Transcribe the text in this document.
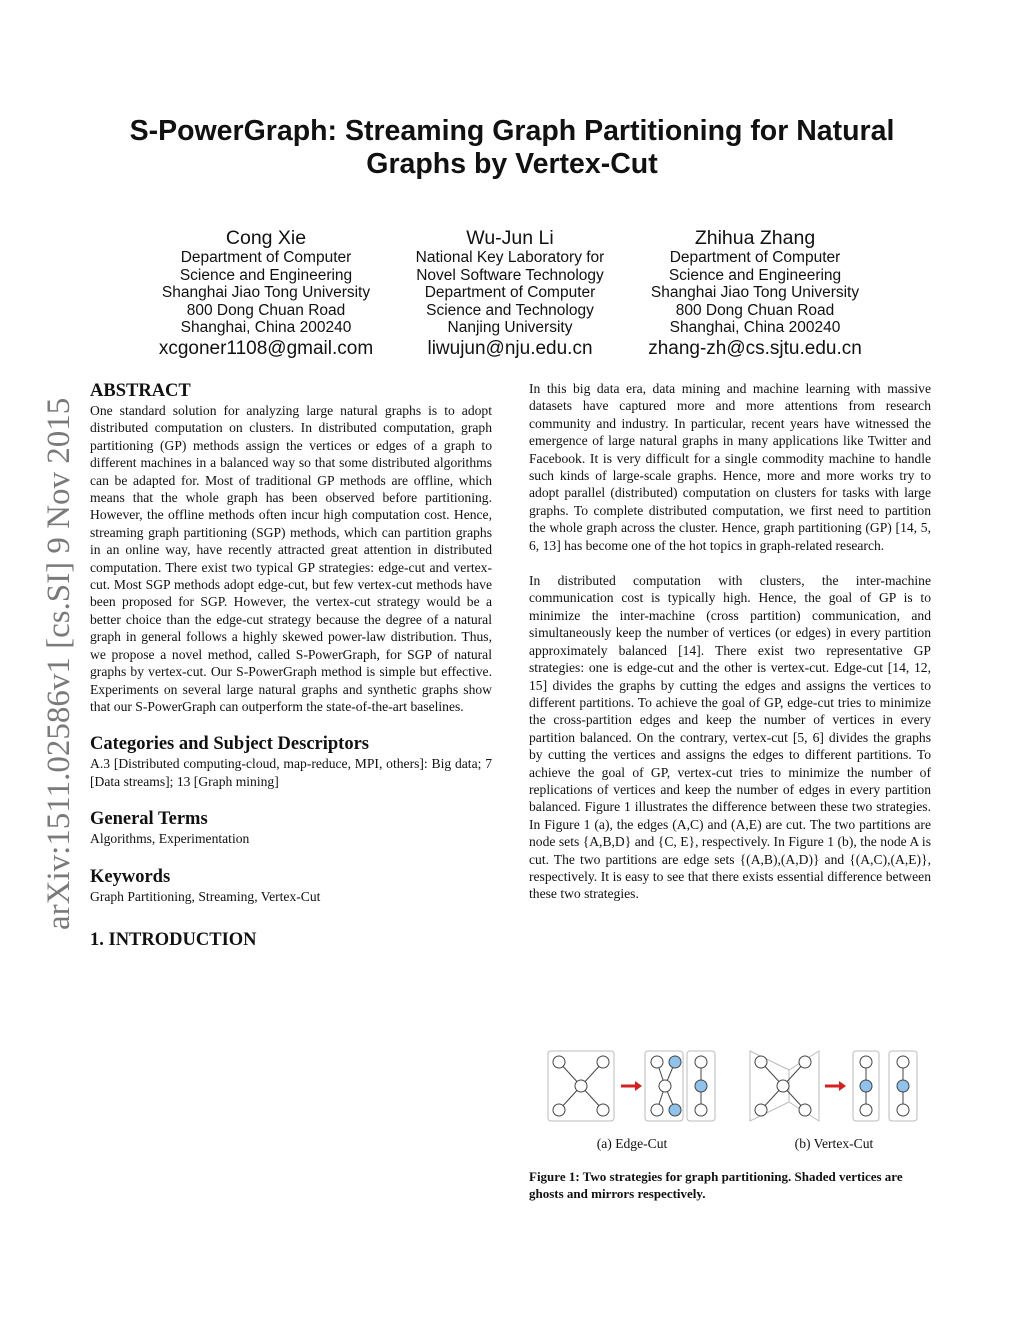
arXiv:1511.02586v1 [cs.SI] 9 Nov 2015
S-PowerGraph: Streaming Graph Partitioning for Natural Graphs by Vertex-Cut
Cong Xie
Department of Computer
Science and Engineering
Shanghai Jiao Tong University
800 Dong Chuan Road
Shanghai, China 200240
xcgoner1108@gmail.com
Wu-Jun Li
National Key Laboratory for
Novel Software Technology
Department of Computer
Science and Technology
Nanjing University
liwujun@nju.edu.cn
Zhihua Zhang
Department of Computer
Science and Engineering
Shanghai Jiao Tong University
800 Dong Chuan Road
Shanghai, China 200240
zhang-zh@cs.sjtu.edu.cn
ABSTRACT

One standard solution for analyzing large natural graphs is to adopt distributed computation on clusters. In distributed computation, graph partitioning (GP) methods assign the vertices or edges of a graph to different machines in a balanced way so that some distributed algorithms can be adapted for. Most of traditional GP methods are offline, which means that the whole graph has been observed before partitioning. However, the offline methods often incur high computation cost. Hence, streaming graph partitioning (SGP) methods, which can partition graphs in an online way, have recently attracted great attention in distributed computation. There exist two typical GP strategies: edge-cut and vertex-cut. Most SGP methods adopt edge-cut, but few vertex-cut methods have been proposed for SGP. However, the vertex-cut strategy would be a better choice than the edge-cut strategy because the degree of a natural graph in general follows a highly skewed power-law distribution. Thus, we propose a novel method, called S-PowerGraph, for SGP of natural graphs by vertex-cut. Our S-PowerGraph method is simple but effective. Experiments on several large natural graphs and synthetic graphs show that our S-PowerGraph can outperform the state-of-the-art baselines.

Categories and Subject Descriptors

A.3 [Distributed computing-cloud, map-reduce, MPI, others]: Big data; 7 [Data streams]; 13 [Graph mining]

General Terms

Algorithms, Experimentation

Keywords

Graph Partitioning, Streaming, Vertex-Cut

1. INTRODUCTION

In this big data era, data mining and machine learning with massive datasets have captured more and more attentions from research community and industry. In particular, recent years have witnessed the emergence of large natural graphs in many applications like Twitter and Facebook. It is very difficult for a single commodity machine to handle such kinds of large-scale graphs. Hence, more and more works try to adopt parallel (distributed) computation on clusters for tasks with large graphs. To complete distributed computation, we first need to partition the whole graph across the cluster. Hence, graph partitioning (GP) [14, 5, 6, 13] has become one of the hot topics in graph-related research.

In distributed computation with clusters, the inter-machine communication cost is typically high. Hence, the goal of GP is to minimize the inter-machine (cross partition) communication, and simultaneously keep the number of vertices (or edges) in every partition approximately balanced [14]. There exist two representative GP strategies: one is edge-cut and the other is vertex-cut. Edge-cut [14, 12, 15] divides the graphs by cutting the edges and assigns the vertices to different partitions. To achieve the goal of GP, edge-cut tries to minimize the cross-partition edges and keep the number of vertices in every partition balanced. On the contrary, vertex-cut [5, 6] divides the graphs by cutting the vertices and assigns the edges to different partitions. To achieve the goal of GP, vertex-cut tries to minimize the number of replications of vertices and keep the number of edges in every partition balanced. Figure 1 illustrates the difference between these two strategies. In Figure 1 (a), the edges (A,C) and (A,E) are cut. The two partitions are node sets {A,B,D} and {C, E}, respectively. In Figure 1 (b), the node A is cut. The two partitions are edge sets {(A,B),(A,D)} and {(A,C),(A,E)}, respectively. It is easy to see that there exists essential difference between these two strategies.

(a) Edge-Cut	(b) Vertex-Cut
Figure 1: Two strategies for graph partitioning. Shaded vertices are ghosts and mirrors respectively.
